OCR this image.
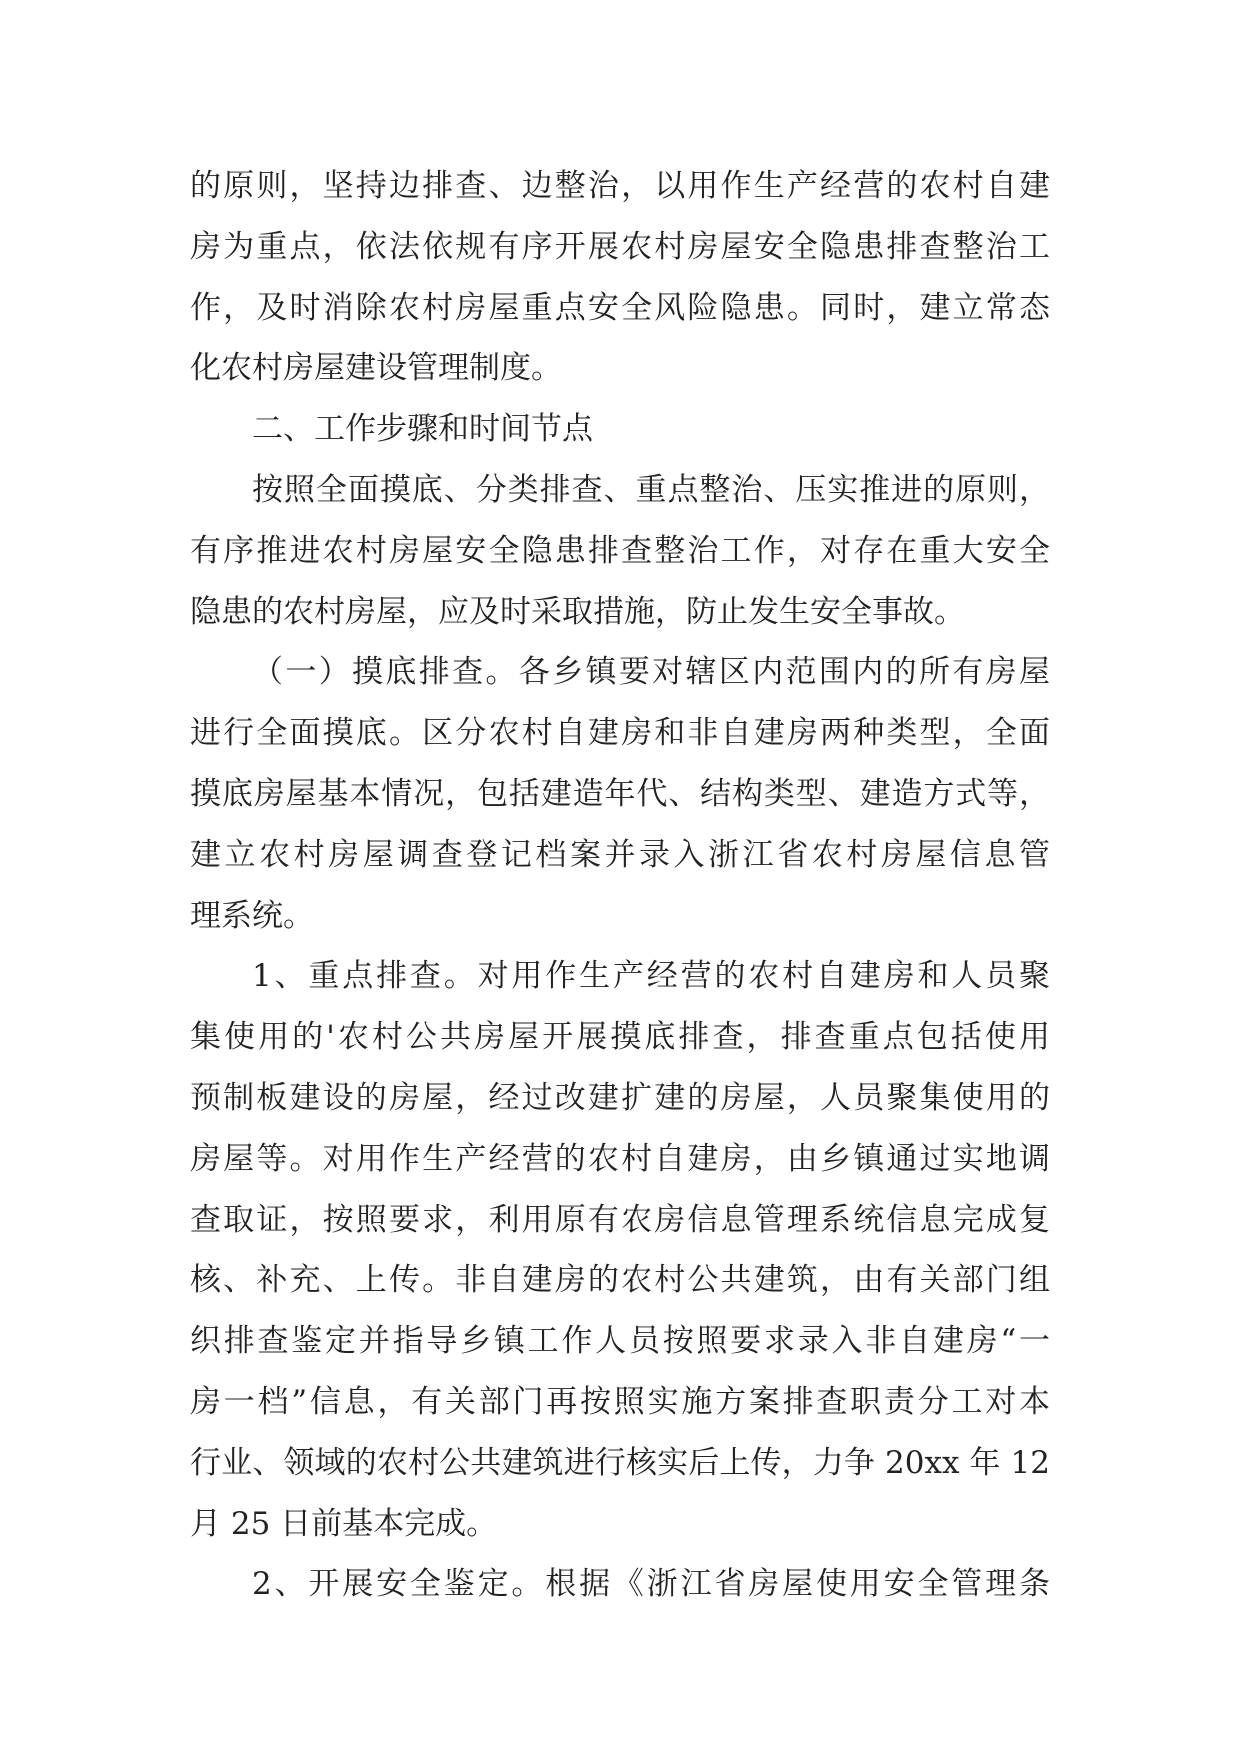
的原则，坚持边排查、边整治，以用作生产经营的农村自建
房为重点，依法依规有序开展农村房屋安全隐患排查整治工
作，及时消除农村房屋重点安全风险隐患。同时，建立常态
化农村房屋建设管理制度。
二、工作步骤和时间节点
按照全面摸底、分类排查、重点整治、压实推进的原则，
有序推进农村房屋安全隐患排查整治工作，对存在重大安全
隐患的农村房屋，应及时采取措施，防止发生安全事故。
（一）摸底排查。各乡镇要对辖区内范围内的所有房屋
进行全面摸底。区分农村自建房和非自建房两种类型，全面
摸底房屋基本情况，包括建造年代、结构类型、建造方式等，
建立农村房屋调查登记档案并录入浙江省农村房屋信息管
理系统。
1、重点排查。对用作生产经营的农村自建房和人员聚
集使用的'农村公共房屋开展摸底排查，排查重点包括使用
预制板建设的房屋，经过改建扩建的房屋，人员聚集使用的
房屋等。对用作生产经营的农村自建房，由乡镇通过实地调
查取证，按照要求，利用原有农房信息管理系统信息完成复
核、补充、上传。非自建房的农村公共建筑，由有关部门组
织排查鉴定并指导乡镇工作人员按照要求录入非自建房“一
房一档”信息，有关部门再按照实施方案排查职责分工对本
行业、领域的农村公共建筑进行核实后上传，力争 20xx 年 12
月 25 日前基本完成。
2、开展安全鉴定。根据《浙江省房屋使用安全管理条
